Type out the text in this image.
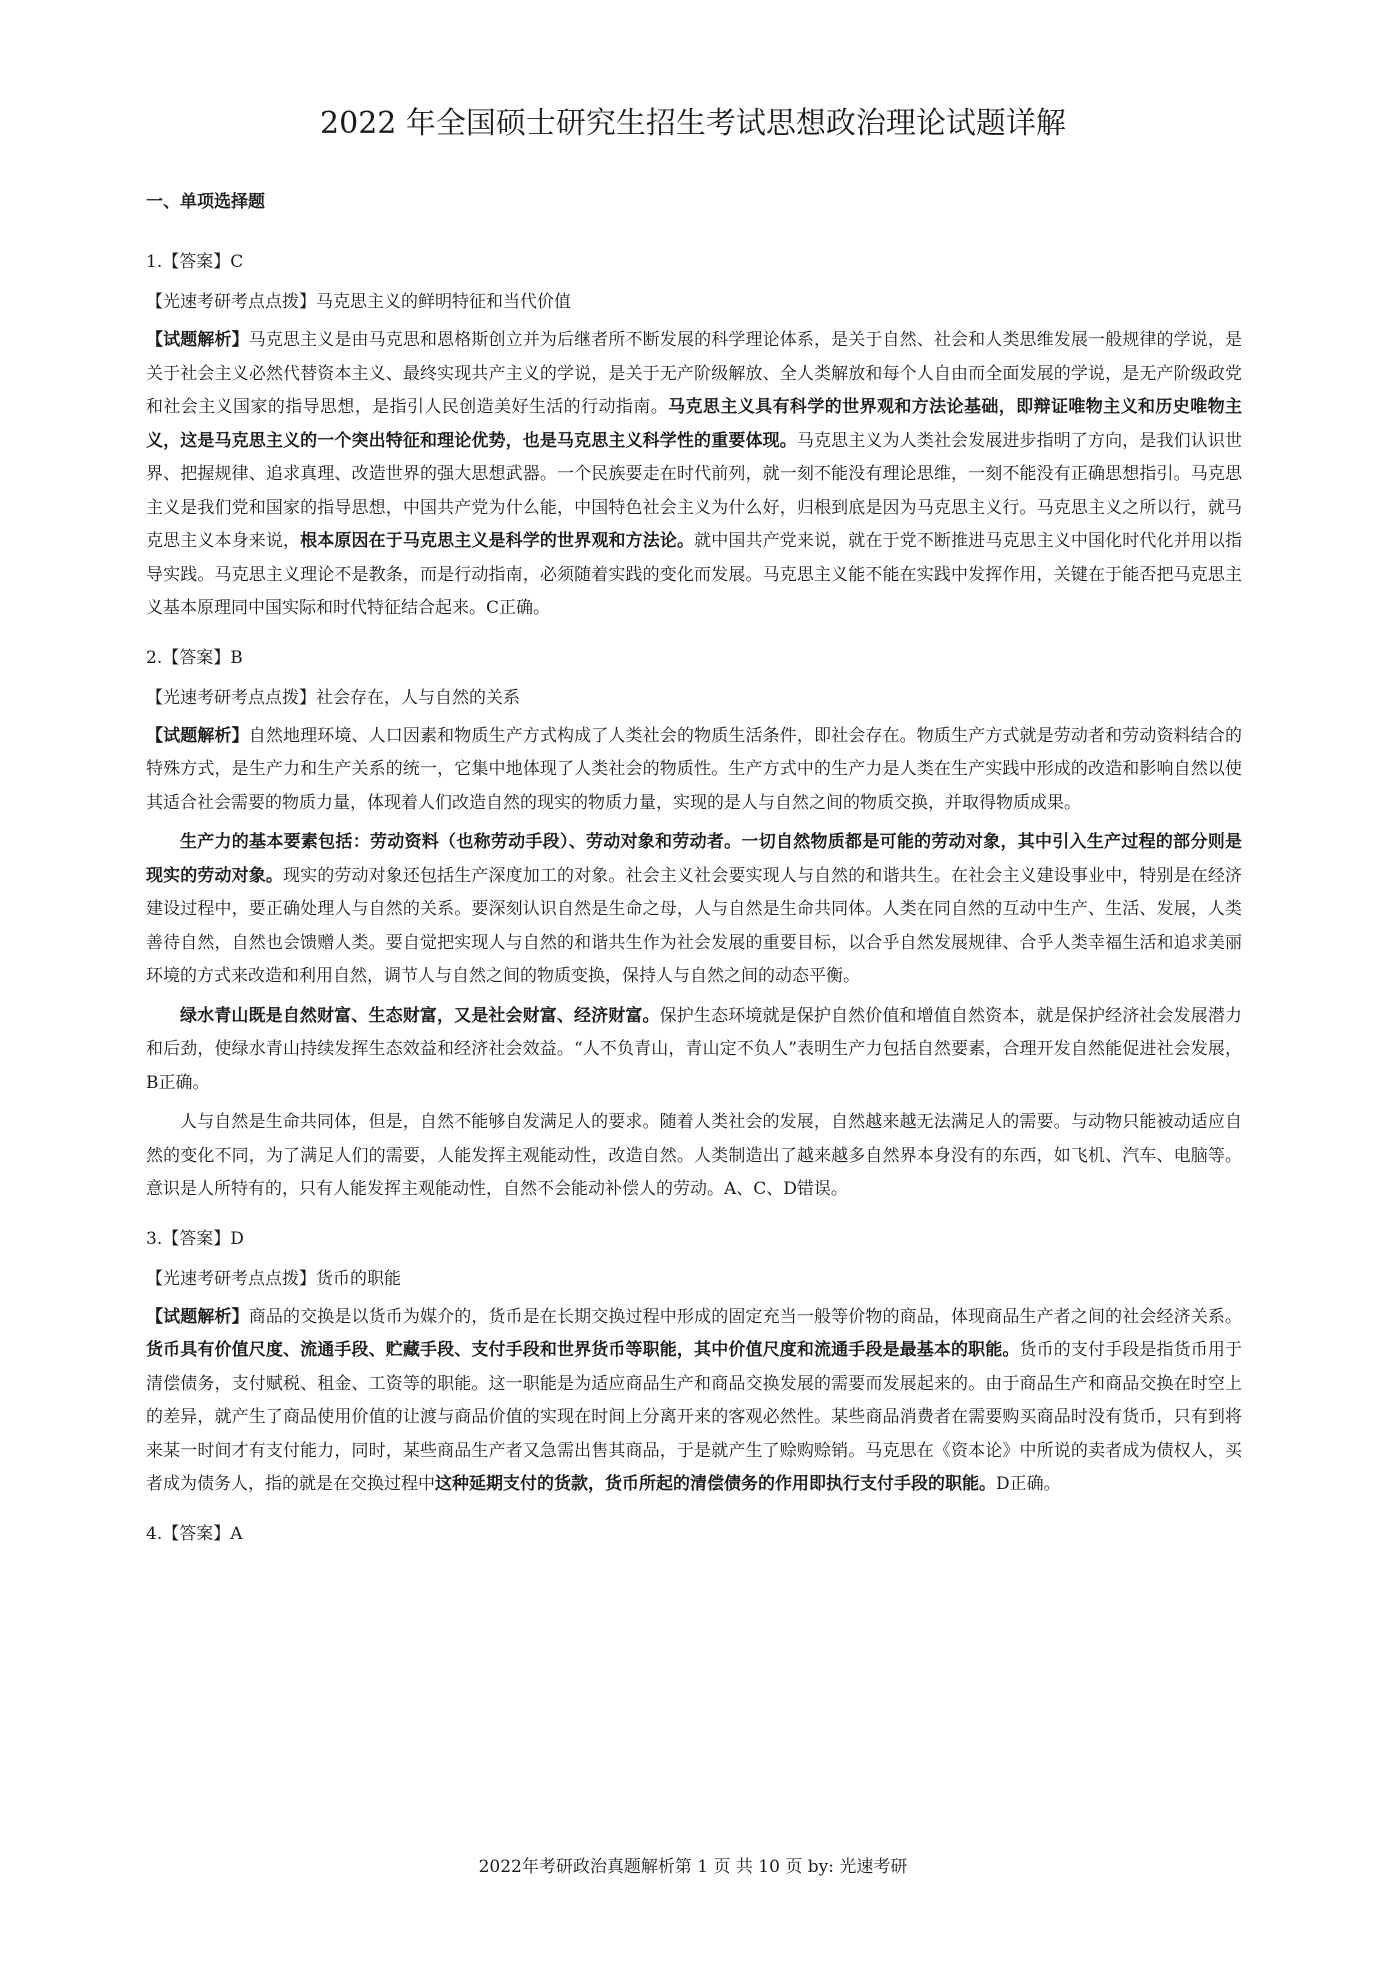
2022 年全国硕士研究生招生考试思想政治理论试题详解
一、单项选择题

1.【答案】C

【光速考研考点点拨】马克思主义的鲜明特征和当代价值

【试题解析】马克思主义是由马克思和恩格斯创立并为后继者所不断发展的科学理论体系，是关于自然、社会和人类思维发展一般规律的学说，是关于社会主义必然代替资本主义、最终实现共产主义的学说，是关于无产阶级解放、全人类解放和每个人自由而全面发展的学说，是无产阶级政党和社会主义国家的指导思想，是指引人民创造美好生活的行动指南。马克思主义具有科学的世界观和方法论基础，即辩证唯物主义和历史唯物主义，这是马克思主义的一个突出特征和理论优势，也是马克思主义科学性的重要体现。马克思主义为人类社会发展进步指明了方向，是我们认识世界、把握规律、追求真理、改造世界的强大思想武器。一个民族要走在时代前列，就一刻不能没有理论思维，一刻不能没有正确思想指引。马克思主义是我们党和国家的指导思想，中国共产党为什么能，中国特色社会主义为什么好，归根到底是因为马克思主义行。马克思主义之所以行，就马克思主义本身来说，根本原因在于马克思主义是科学的世界观和方法论。就中国共产党来说，就在于党不断推进马克思主义中国化时代化并用以指导实践。马克思主义理论不是教条，而是行动指南，必须随着实践的变化而发展。马克思主义能不能在实践中发挥作用，关键在于能否把马克思主义基本原理同中国实际和时代特征结合起来。C正确。

2.【答案】B

【光速考研考点点拨】社会存在，人与自然的关系

【试题解析】自然地理环境、人口因素和物质生产方式构成了人类社会的物质生活条件，即社会存在。物质生产方式就是劳动者和劳动资料结合的特殊方式，是生产力和生产关系的统一，它集中地体现了人类社会的物质性。生产方式中的生产力是人类在生产实践中形成的改造和影响自然以使其适合社会需要的物质力量，体现着人们改造自然的现实的物质力量，实现的是人与自然之间的物质交换，并取得物质成果。

生产力的基本要素包括：劳动资料（也称劳动手段）、劳动对象和劳动者。一切自然物质都是可能的劳动对象，其中引入生产过程的部分则是现实的劳动对象。现实的劳动对象还包括生产深度加工的对象。社会主义社会要实现人与自然的和谐共生。在社会主义建设事业中，特别是在经济建设过程中，要正确处理人与自然的关系。要深刻认识自然是生命之母，人与自然是生命共同体。人类在同自然的互动中生产、生活、发展，人类善待自然，自然也会馈赠人类。要自觉把实现人与自然的和谐共生作为社会发展的重要目标，以合乎自然发展规律、合乎人类幸福生活和追求美丽环境的方式来改造和利用自然，调节人与自然之间的物质变换，保持人与自然之间的动态平衡。

绿水青山既是自然财富、生态财富，又是社会财富、经济财富。保护生态环境就是保护自然价值和增值自然资本，就是保护经济社会发展潜力和后劲，使绿水青山持续发挥生态效益和经济社会效益。“人不负青山，青山定不负人”表明生产力包括自然要素，合理开发自然能促进社会发展，B正确。

人与自然是生命共同体，但是，自然不能够自发满足人的要求。随着人类社会的发展，自然越来越无法满足人的需要。与动物只能被动适应自然的变化不同，为了满足人们的需要，人能发挥主观能动性，改造自然。人类制造出了越来越多自然界本身没有的东西，如飞机、汽车、电脑等。意识是人所特有的，只有人能发挥主观能动性，自然不会能动补偿人的劳动。A、C、D错误。

3.【答案】D

【光速考研考点点拨】货币的职能

【试题解析】商品的交换是以货币为媒介的，货币是在长期交换过程中形成的固定充当一般等价物的商品，体现商品生产者之间的社会经济关系。货币具有价值尺度、流通手段、贮藏手段、支付手段和世界货币等职能，其中价值尺度和流通手段是最基本的职能。货币的支付手段是指货币用于清偿债务，支付赋税、租金、工资等的职能。这一职能是为适应商品生产和商品交换发展的需要而发展起来的。由于商品生产和商品交换在时空上的差异，就产生了商品使用价值的让渡与商品价值的实现在时间上分离开来的客观必然性。某些商品消费者在需要购买商品时没有货币，只有到将来某一时间才有支付能力，同时，某些商品生产者又急需出售其商品，于是就产生了赊购赊销。马克思在《资本论》中所说的卖者成为债权人，买者成为债务人，指的就是在交换过程中这种延期支付的货款，货币所起的清偿债务的作用即执行支付手段的职能。D正确。

4.【答案】A

2022年考研政治真题解析第 1 页 共 10 页 by: 光速考研
